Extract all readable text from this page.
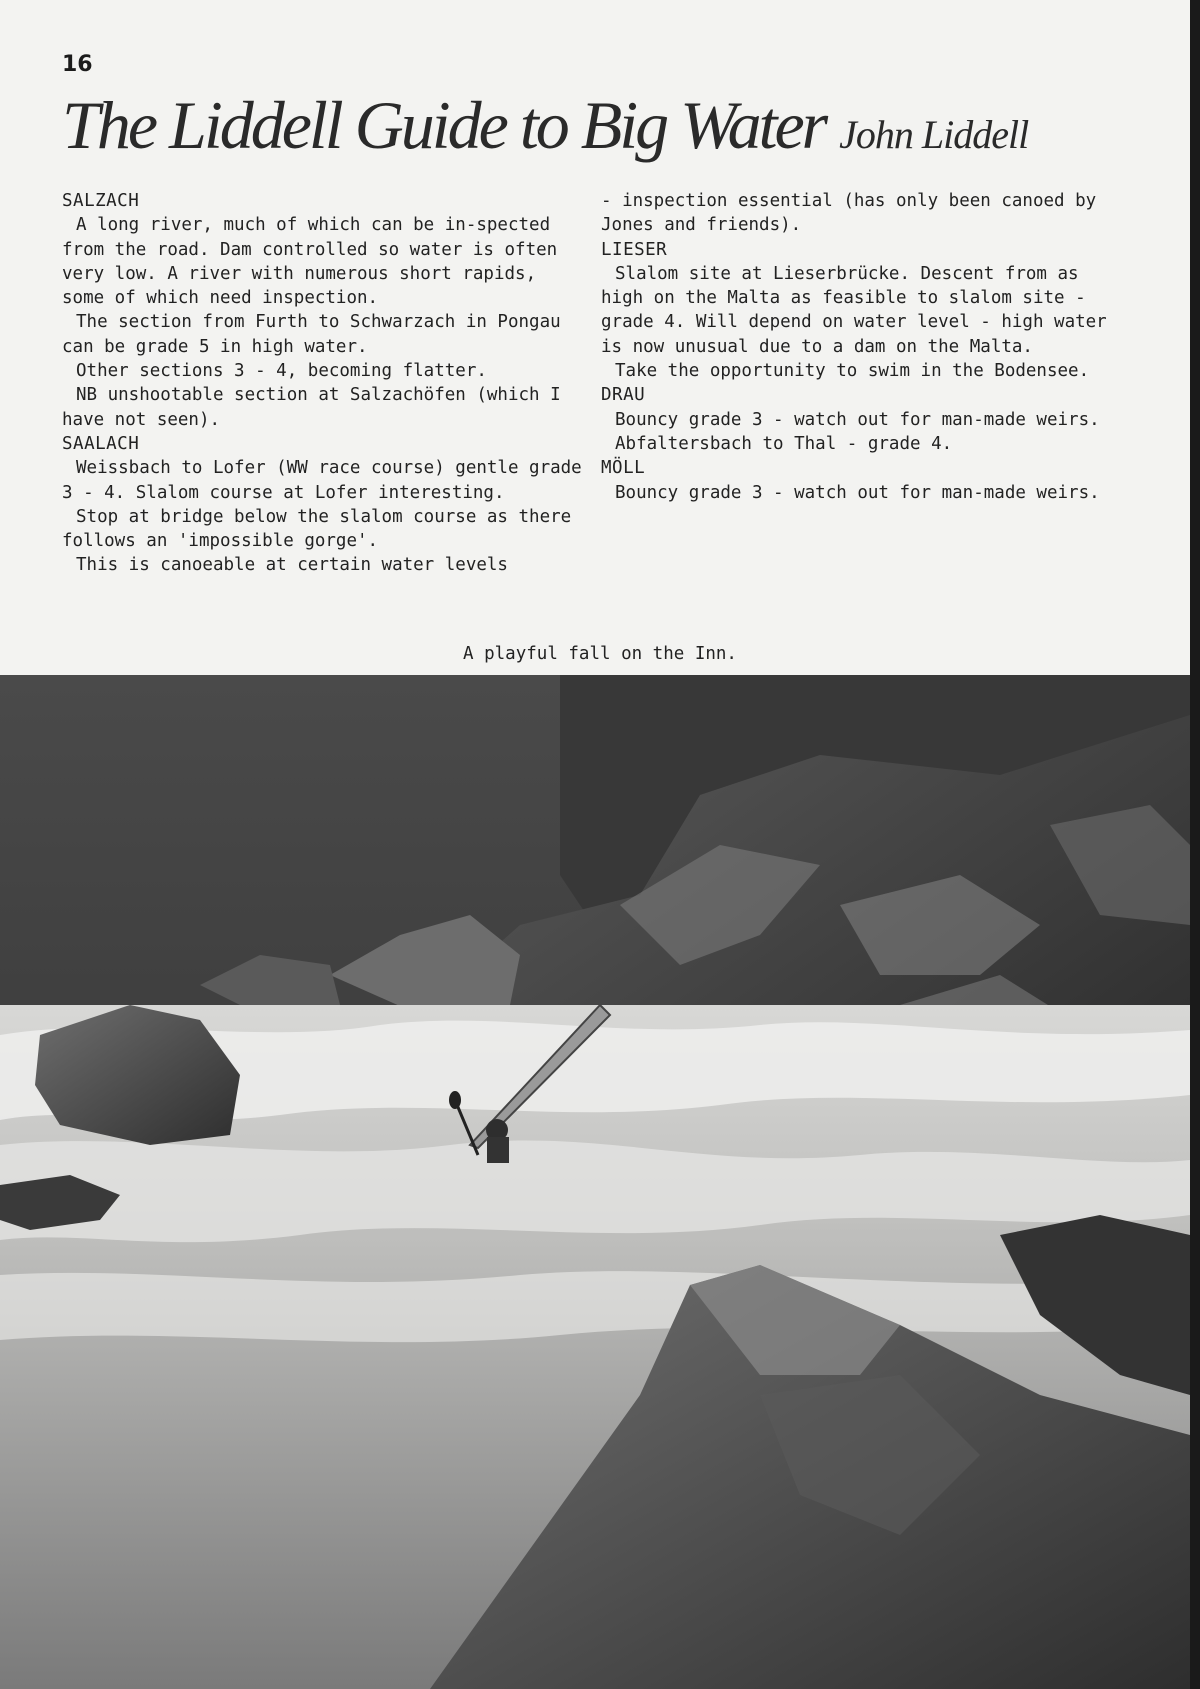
16
The Liddell Guide to Big Water John Liddell

SALZACH

A long river, much of which can be in-spected from the road. Dam controlled so water is often very low. A river with numerous short rapids, some of which need inspection.

The section from Furth to Schwarzach in Pongau can be grade 5 in high water.

Other sections 3 - 4, becoming flatter.

NB unshootable section at Salzachöfen (which I have not seen).

SAALACH

Weissbach to Lofer (WW race course) gentle grade 3 - 4. Slalom course at Lofer interesting.

Stop at bridge below the slalom course as there follows an 'impossible gorge'.

This is canoeable at certain water levels

- inspection essential (has only been canoed by Jones and friends).

LIESER

Slalom site at Lieserbrücke. Descent from as high on the Malta as feasible to slalom site - grade 4. Will depend on water level - high water is now unusual due to a dam on the Malta.

Take the opportunity to swim in the Bodensee.

DRAU

Bouncy grade 3 - watch out for man-made weirs.

Abfaltersbach to Thal - grade 4.

MÖLL

Bouncy grade 3 - watch out for man-made weirs.

A playful fall on the Inn.
